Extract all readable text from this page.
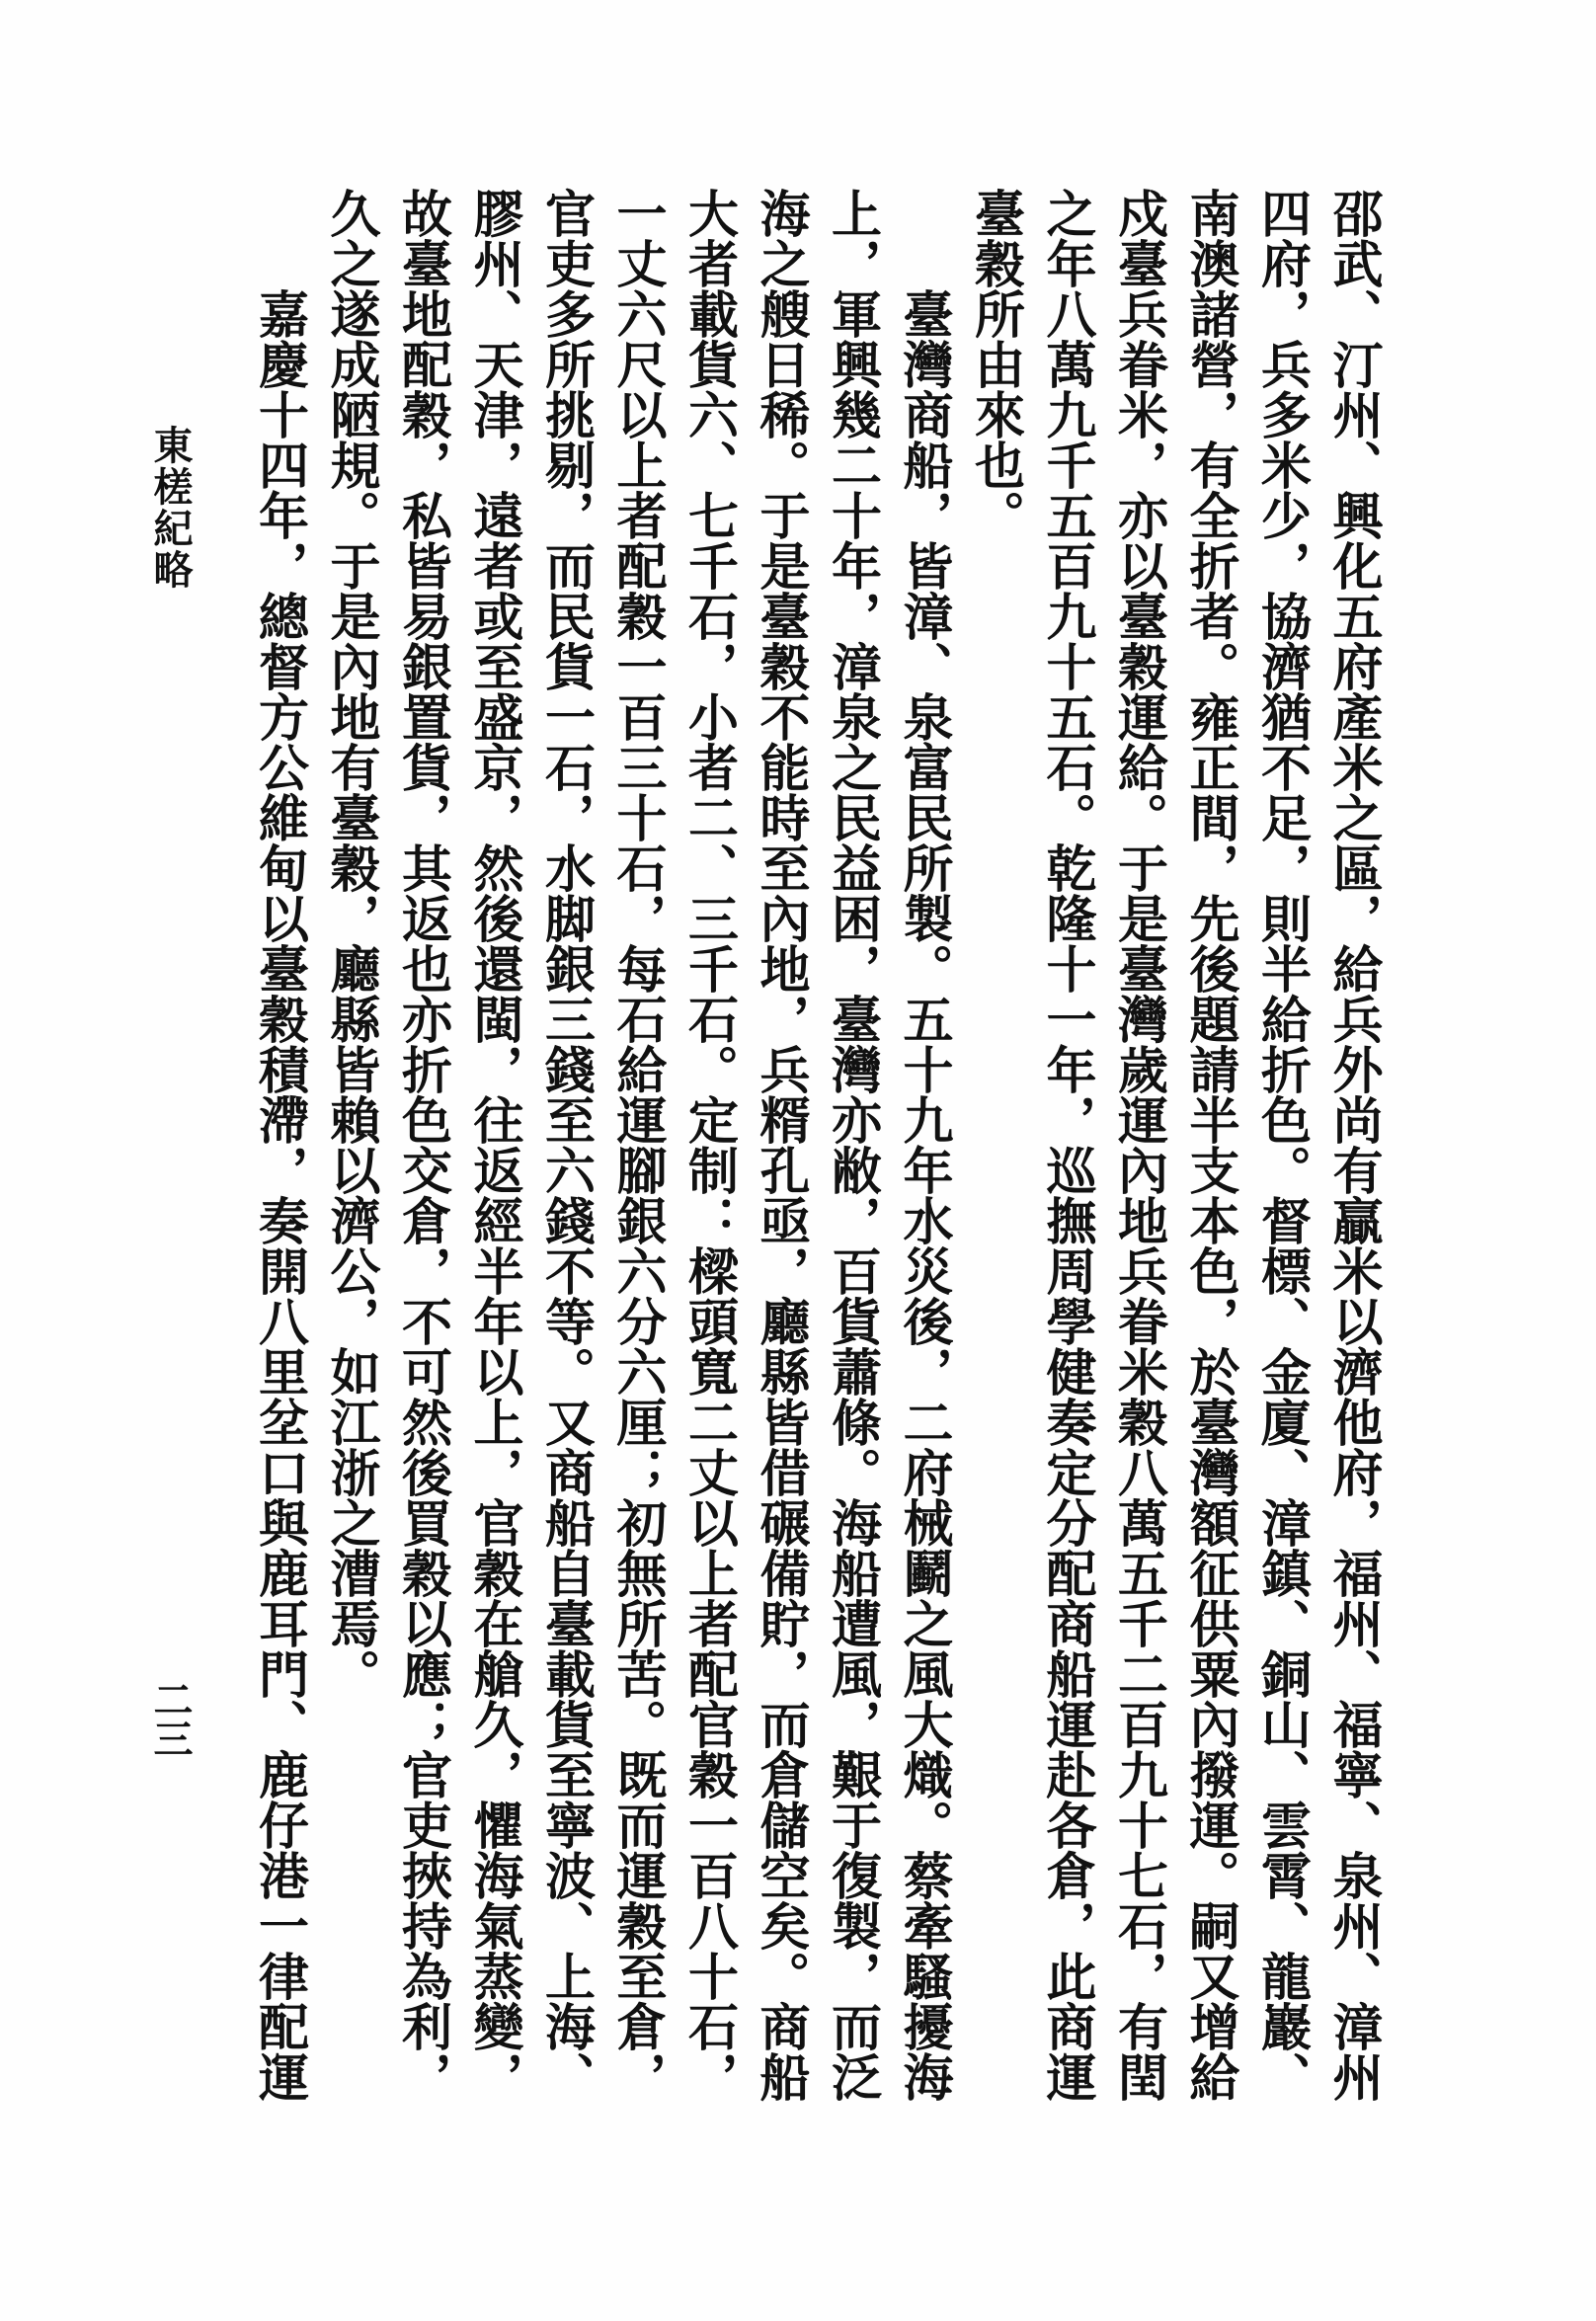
邵武、汀州、興化五府產米之區，給兵外尚有贏米以濟他府，福州、福寧、泉州、漳州
四府，兵多米少，協濟猶不足，則半給折色。督標、金廈、漳鎮、銅山、雲霄、龍巖、
南澳諸營，有全折者。雍正間，先後題請半支本色，於臺灣額征供粟內撥運。嗣又增給
戍臺兵眷米，亦以臺穀運給。于是臺灣歲運內地兵眷米穀八萬五千二百九十七石，有閏
之年八萬九千五百九十五石。乾隆十一年，巡撫周學健奏定分配商船運赴各倉，此商運
臺穀所由來也。
臺灣商船，皆漳、泉富民所製。五十九年水災後，二府械鬬之風大熾。蔡牽騷擾海
上，軍興幾二十年，漳泉之民益困，臺灣亦敝，百貨蕭條。海船遭風，艱于復製，而泛
海之艘日稀。于是臺穀不能時至內地，兵糈孔亟，廳縣皆借碾備貯，而倉儲空矣。商船
大者載貨六、七千石，小者二、三千石。定制：樑頭寬二丈以上者配官穀一百八十石，
一丈六尺以上者配穀一百三十石，每石給運腳銀六分六厘；初無所苦。既而運穀至倉，
官吏多所挑剔，而民貨一石，水脚銀三錢至六錢不等。又商船自臺載貨至寧波、上海、
膠州、天津，遠者或至盛京，然後還閩，往返經半年以上，官穀在艙久，懼海氣蒸變，
故臺地配穀，私皆易銀置貨，其返也亦折色交倉，不可然後買穀以應；官吏挾持為利，
久之遂成陋規。于是內地有臺穀，廳縣皆賴以濟公，如江浙之漕焉。
嘉慶十四年，總督方公維甸以臺穀積滯，奏開八里坌口與鹿耳門、鹿仔港一律配運
東槎紀略
二三
